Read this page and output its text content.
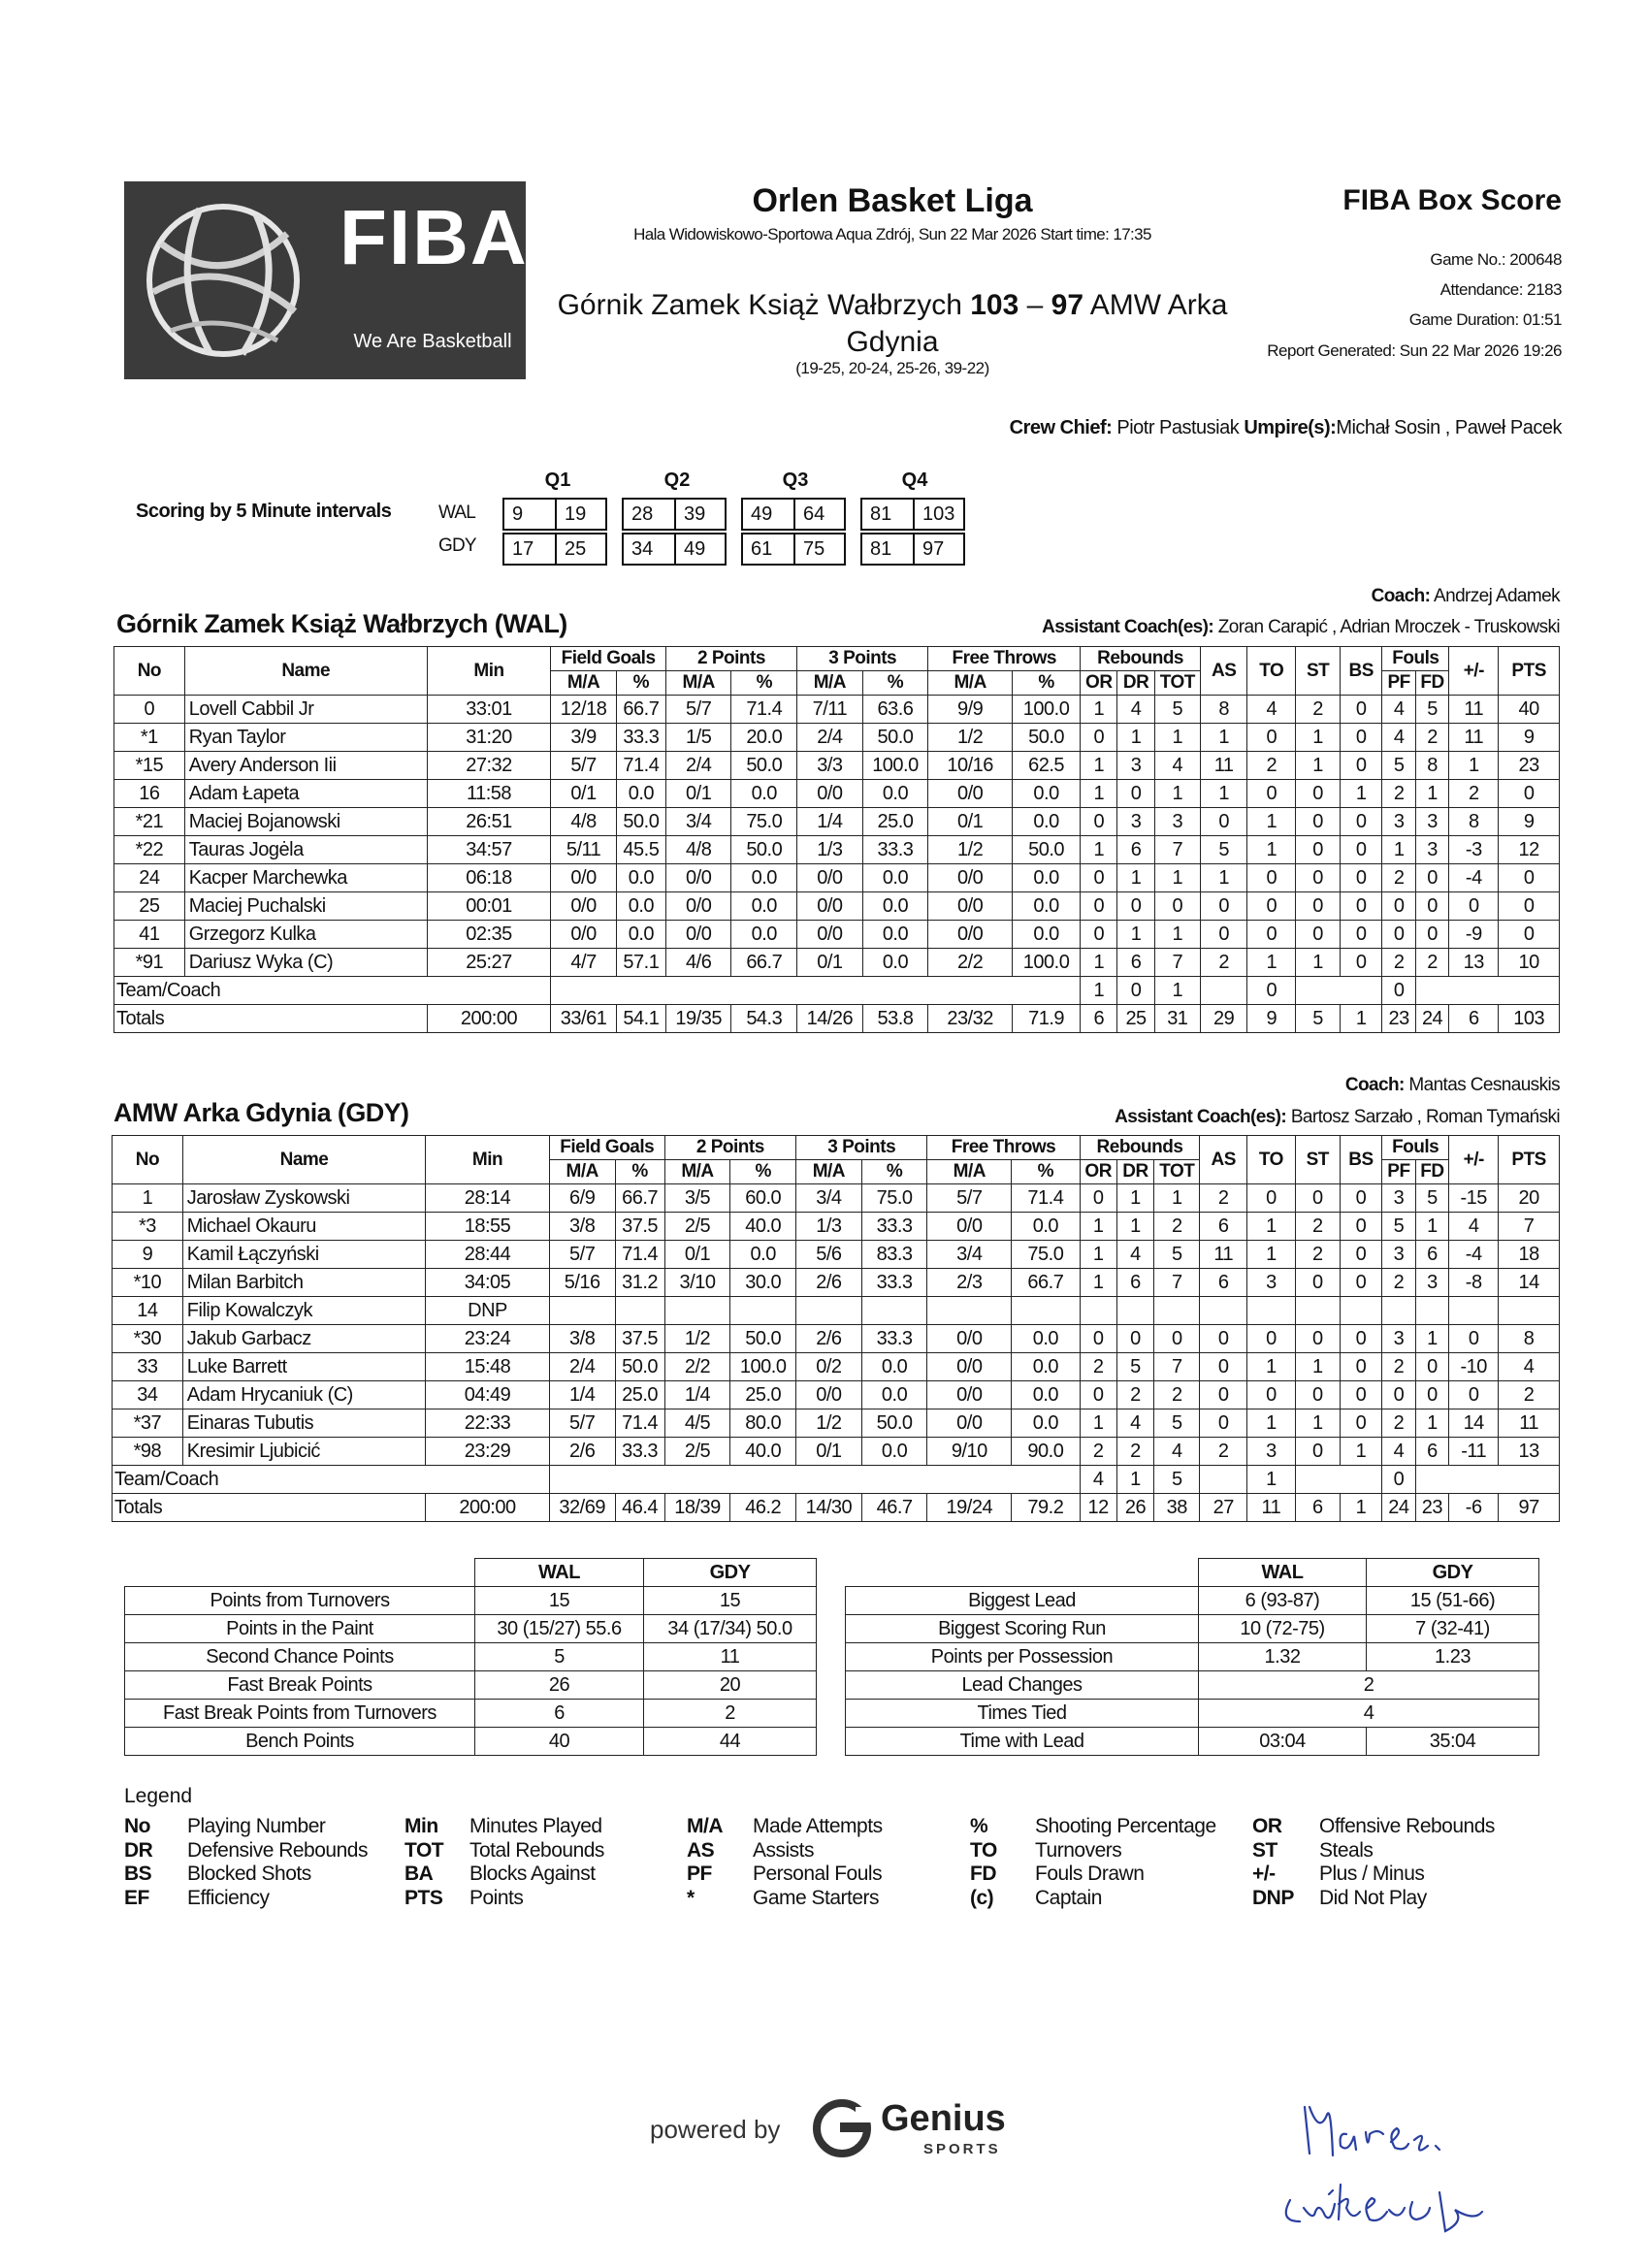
FIBA
We Are Basketball
Orlen Basket Liga
Hala Widowiskowo-Sportowa Aqua Zdrój, Sun 22 Mar 2026 Start time: 17:35
Górnik Zamek Książ Wałbrzych 103 – 97 AMW Arka
Gdynia
(19-25, 20-24, 25-26, 39-22)
FIBA Box Score
Game No.: 200648
Attendance: 2183
Game Duration: 01:51
Report Generated: Sun 22 Mar 2026 19:26
Crew Chief: Piotr Pastusiak Umpire(s):Michał Sosin , Paweł Pacek
Scoring by 5 Minute intervals
Q1	Q2	Q3	Q4
WAL
GDY
9	19	28	39	49	64	81	103
17	25	34	49	61	75	81	97
Coach: Andrzej Adamek
Górnik Zamek Książ Wałbrzych (WAL)	Assistant Coach(es): Zoran Carapić , Adrian Mroczek - Truskowski
No	Name	Min	Field Goals		2 Points		3 Points		Free Throws		Rebounds			AS	TO	ST	BS	Fouls		+/-	PTS
			M/A	%	M/A	%	M/A	%	M/A	%	OR	DR	TOT					PF	FD		
0	Lovell Cabbil Jr	33:01	12/18	66.7	5/7	71.4	7/11	63.6	9/9	100.0	1	4	5	8	4	2	0	4	5	11	40
*1	Ryan Taylor	31:20	3/9	33.3	1/5	20.0	2/4	50.0	1/2	50.0	0	1	1	1	0	1	0	4	2	11	9
*15	Avery Anderson Iii	27:32	5/7	71.4	2/4	50.0	3/3	100.0	10/16	62.5	1	3	4	11	2	1	0	5	8	1	23
16	Adam Łapeta	11:58	0/1	0.0	0/1	0.0	0/0	0.0	0/0	0.0	1	0	1	1	0	0	1	2	1	2	0
*21	Maciej Bojanowski	26:51	4/8	50.0	3/4	75.0	1/4	25.0	0/1	0.0	0	3	3	0	1	0	0	3	3	8	9
*22	Tauras Jogėla	34:57	5/11	45.5	4/8	50.0	1/3	33.3	1/2	50.0	1	6	7	5	1	0	0	1	3	-3	12
24	Kacper Marchewka	06:18	0/0	0.0	0/0	0.0	0/0	0.0	0/0	0.0	0	1	1	1	0	0	0	2	0	-4	0
25	Maciej Puchalski	00:01	0/0	0.0	0/0	0.0	0/0	0.0	0/0	0.0	0	0	0	0	0	0	0	0	0	0	0
41	Grzegorz Kulka	02:35	0/0	0.0	0/0	0.0	0/0	0.0	0/0	0.0	0	1	1	0	0	0	0	0	0	-9	0
*91	Dariusz Wyka (C)	25:27	4/7	57.1	4/6	66.7	0/1	0.0	2/2	100.0	1	6	7	2	1	1	0	2	2	13	10
Team/Coach											1	0	1		0			0			
Totals		200:00	33/61	54.1	19/35	54.3	14/26	53.8	23/32	71.9	6	25	31	29	9	5	1	23	24	6	103
Coach: Mantas Cesnauskis
AMW Arka Gdynia (GDY)	Assistant Coach(es): Bartosz Sarzało , Roman Tymański
No	Name	Min	Field Goals		2 Points		3 Points		Free Throws		Rebounds			AS	TO	ST	BS	Fouls		+/-	PTS
			M/A	%	M/A	%	M/A	%	M/A	%	OR	DR	TOT					PF	FD		
1	Jarosław Zyskowski	28:14	6/9	66.7	3/5	60.0	3/4	75.0	5/7	71.4	0	1	1	2	0	0	0	3	5	-15	20
*3	Michael Okauru	18:55	3/8	37.5	2/5	40.0	1/3	33.3	0/0	0.0	1	1	2	6	1	2	0	5	1	4	7
9	Kamil Łączyński	28:44	5/7	71.4	0/1	0.0	5/6	83.3	3/4	75.0	1	4	5	11	1	2	0	3	6	-4	18
*10	Milan Barbitch	34:05	5/16	31.2	3/10	30.0	2/6	33.3	2/3	66.7	1	6	7	6	3	0	0	2	3	-8	14
14	Filip Kowalczyk	DNP																			
*30	Jakub Garbacz	23:24	3/8	37.5	1/2	50.0	2/6	33.3	0/0	0.0	0	0	0	0	0	0	0	3	1	0	8
33	Luke Barrett	15:48	2/4	50.0	2/2	100.0	0/2	0.0	0/0	0.0	2	5	7	0	1	1	0	2	0	-10	4
34	Adam Hrycaniuk (C)	04:49	1/4	25.0	1/4	25.0	0/0	0.0	0/0	0.0	0	2	2	0	0	0	0	0	0	0	2
*37	Einaras Tubutis	22:33	5/7	71.4	4/5	80.0	1/2	50.0	0/0	0.0	1	4	5	0	1	1	0	2	1	14	11
*98	Kresimir Ljubicić	23:29	2/6	33.3	2/5	40.0	0/1	0.0	9/10	90.0	2	2	4	2	3	0	1	4	6	-11	13
Team/Coach											4	1	5		1			0			
Totals		200:00	32/69	46.4	18/39	46.2	14/30	46.7	19/24	79.2	12	26	38	27	11	6	1	24	23	-6	97
	WAL	GDY
Points from Turnovers	15	15
Points in the Paint	30 (15/27) 55.6	34 (17/34) 50.0
Second Chance Points	5	11
Fast Break Points	26	20
Fast Break Points from Turnovers	6	2
Bench Points	40	44
	WAL	GDY
Biggest Lead	6 (93-87)	15 (51-66)
Biggest Scoring Run	10 (72-75)	7 (32-41)
Points per Possession	1.32	1.23
Lead Changes	2	
Times Tied	4	
Time with Lead	03:04	35:04
Legend
No Playing Number
DR Defensive Rebounds
BS Blocked Shots
EF Efficiency
Min Minutes Played
TOT Total Rebounds
BA Blocks Against
PTS Points
M/A Made Attempts
AS Assists
PF Personal Fouls
*	Game Starters
% Shooting Percentage
TO Turnovers
FD Fouls Drawn
(c) Captain
OR Offensive Rebounds
ST Steals
+/- Plus / Minus
DNP Did Not Play
powered by	Genius
SPORTS
